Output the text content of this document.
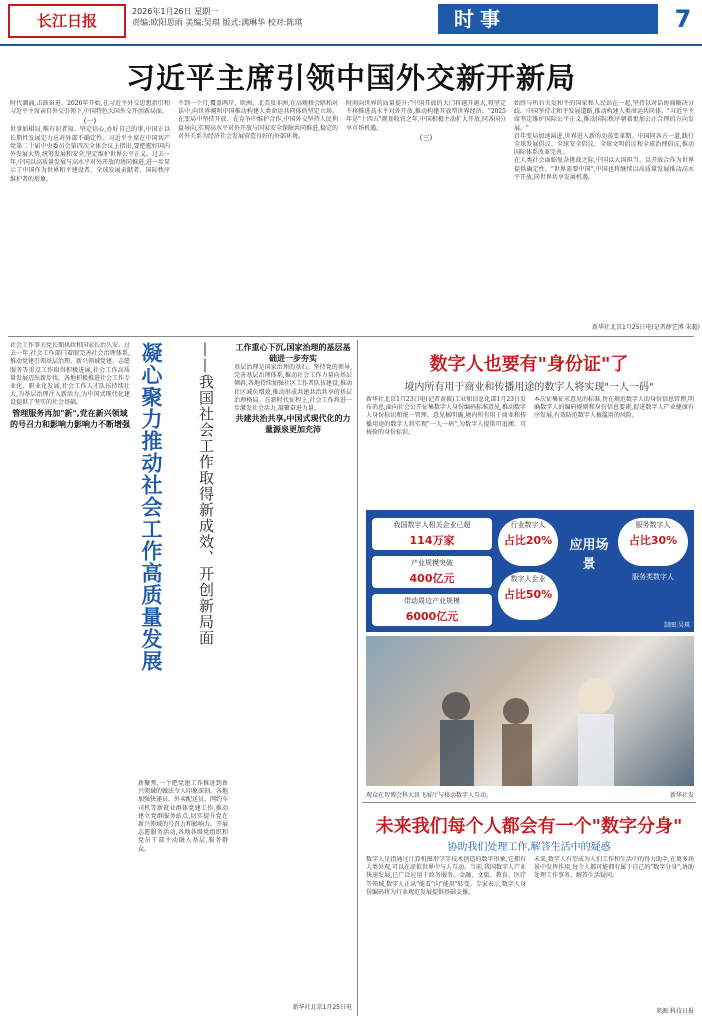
长江日报
2026年1月26日 星期一
责编:欧阳思雨 美编:吴琪 版式:满琳华 校对:陈琪	时事	7
习近平主席引领中国外交新开新局
时代潮涌,击鼓奋进。2026年开始,在习近平外交思想指引和习近平主席亲自外交引领下,中国特色大国外交开创新局面。
(一)
世事如棋局,唯有识者知。坚定信心,办好自己的事,中国正以长期性发展定力应对外部不确定性。习近平主席在中国共产党第二十届中央委员会第四次全体会议上指出,要把握好国内外发展大势,统筹发展和安全,坚定维护世界公平正义。过去一年,中国以高质量发展与高水平对外开放的协同推进,进一步显示了中国作为世界和平建设者、全球发展贡献者、国际秩序维护者的形象。
不到一个月,覆盖两岸、欧洲、北美及非洲,在高规格会晤和对话中,向世界阐明中国推动构建人类命运共同体的坚定立场。在变局中坚持开放、在竞争中维护合作,中国外交坚持人民利益导向,实现高水平对外开放与国家安全保障共同推进,稳定的对外关系为经济社会发展营造良好的外部环境。
时间向世界的质量提升:"中国开放的大门将越开越大,将坚定不移推进高水平对外开放,推动构建开放型世界经济。"2025年是"十四五"规划收官之年,中国积极主动扩大开放,同各国分享市场机遇。
(三)
始终与所有关爱和平的国家和人民站在一起,坚持以对话协商解决分歧。中国坚持走和平发展道路,推动构建人类命运共同体。"习近平主席坚定维护国际公平正义,推动国际秩序朝着更加公正合理的方向发展。"
百年变局加速演进,世界进入新的动荡变革期。中国同各方一道,践行全球发展倡议、全球安全倡议、全球文明倡议和全球治理倡议,推动国际体系改革完善。
在人类社会面临复杂挑战之际,中国以大国担当、以开放合作为世界提供确定性。"世界需要中国",中国也将继续以高质量发展推动高水平开放,同世界共享发展机遇。
新华社北京1月25日电(记者薛艺博 朱超)
社会工作事关党长期执政和国家长治久安。过去一年,社会工作部门着眼完善社会治理体系,推动党建引领基层治理、新兴领域党建、志愿服务等重点工作取得积极进展,社会工作高质量发展迈出新步伐。各地积极推进社会工作专业化、职业化发展,社会工作人才队伍持续壮大,为基层治理注入新活力,为中国式现代化建设提供了坚实的社会基础。
管理服务再加"新",党在新兴领域的号召力和影响力影响力不断增强 凝心聚力推动社会工作高质量发展 ——我国社会工作取得新成效、开创新局面
新聚焦,一个把党建工作推进到新兴领域的做法令人印象深刻。各地加强快递员、外卖配送员、网约车司机等新就业群体党建工作,推动建立党群服务站点,切实提升党在新兴领域的号召力和影响力。开展志愿服务活动,各地各级党组织和党员干部主动融入基层,服务群众。
工作重心下沉,国家治理的基层基础进一步夯实
基层治理是国家治理的基石。坚持党的领导,完善基层治理体系,推动社会工作力量向基层倾斜,各地持续加强社区工作者队伍建设,推动社区减负增效,推动形成共建共治共享的基层治理格局。在新时代征程上,社会工作将进一步激发社会活力,凝聚奋进力量。
共建共治共享,中国式现代化的力量源泉更加充沛
新华社北京1月25日电
数字人也要有"身份证"了
境内所有用于商业和传播用途的数字人将实现"一人一码"
新华社北京1月23日电(记者黄筱)工业和信息化部1月23日发布消息,面向社会公开征集数字人身份编码标准意见,推动数字人身份标识和统一管理。意见稿明确,境内所有用于商业和传播用途的数字人将实现"一人一码",为数字人提供可追溯、可核验的身份标识。
本次征集征求意见的标准,旨在规范数字人的身份信息管理,明确数字人的编码规则和身份信息要素,促进数字人产业健康有序发展,有效防范数字人被滥用的风险。
我国数字人相关企业已超
114万家
产业规模突破
400亿元
带动周边产业规模
6000亿元
行业数字人
占比20%
数字人企业
占比50%
应用场景
服务数字人
占比30%
服务类数字人
制图:吴琪
观众在智博会科大讯飞展厅与移动数字人互动。	新华社发
未来我们每个人都会有一个"数字分身"
协助我们处理工作,解答生活中的疑惑
数字人是指通过计算机图形学等技术创造的数字形象,它拥有人类外观,可以在虚拟世界中与人互动。当前,我国数字人产业快速发展,已广泛应用于政务服务、金融、文旅、教育、医疗等领域,数字人正从"能看"向"能用"转变。专家表示,数字人身份编码将为行业规范发展提供基础支撑。
未来,数字人有望成为人们工作和生活中的得力助手,在更多场景中发挥作用,每个人都可能拥有属于自己的"数字分身",协助处理工作事务、解答生活疑问。
来源:科技日报
